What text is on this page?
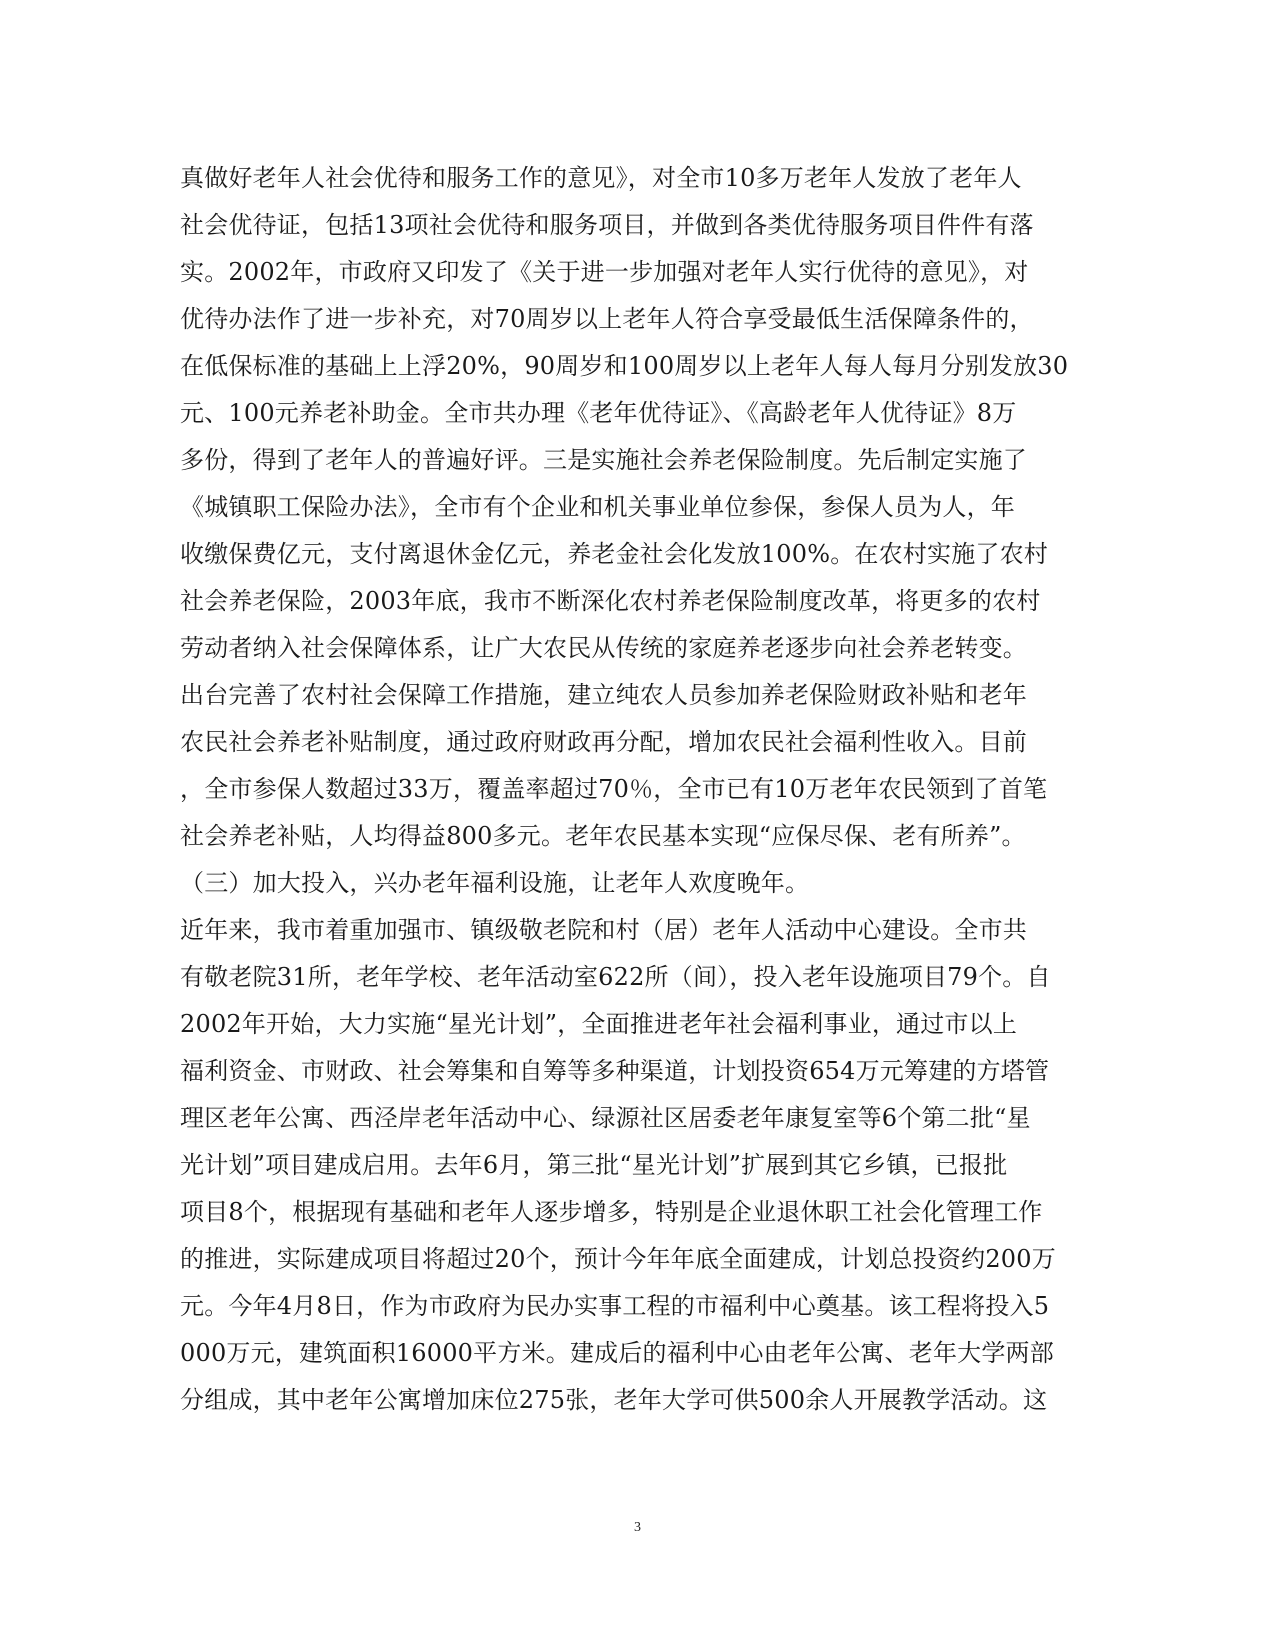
真做好老年人社会优待和服务工作的意见》，对全市10多万老年人发放了老年人
社会优待证，包括13项社会优待和服务项目，并做到各类优待服务项目件件有落
实。2002年，市政府又印发了《关于进一步加强对老年人实行优待的意见》，对
优待办法作了进一步补充，对70周岁以上老年人符合享受最低生活保障条件的，
在低保标准的基础上上浮20%，90周岁和100周岁以上老年人每人每月分别发放30
元、100元养老补助金。全市共办理《老年优待证》、《高龄老年人优待证》8万
多份，得到了老年人的普遍好评。三是实施社会养老保险制度。先后制定实施了
《城镇职工保险办法》，全市有个企业和机关事业单位参保，参保人员为人，年
收缴保费亿元，支付离退休金亿元，养老金社会化发放100%。在农村实施了农村
社会养老保险，2003年底，我市不断深化农村养老保险制度改革，将更多的农村
劳动者纳入社会保障体系，让广大农民从传统的家庭养老逐步向社会养老转变。
出台完善了农村社会保障工作措施，建立纯农人员参加养老保险财政补贴和老年
农民社会养老补贴制度，通过政府财政再分配，增加农民社会福利性收入。目前
，全市参保人数超过33万，覆盖率超过70％，全市已有10万老年农民领到了首笔
社会养老补贴，人均得益800多元。老年农民基本实现“应保尽保、老有所养”。
（三）加大投入，兴办老年福利设施，让老年人欢度晚年。
近年来，我市着重加强市、镇级敬老院和村（居）老年人活动中心建设。全市共
有敬老院31所，老年学校、老年活动室622所（间），投入老年设施项目79个。自
2002年开始，大力实施“星光计划”，全面推进老年社会福利事业，通过市以上
福利资金、市财政、社会筹集和自筹等多种渠道，计划投资654万元筹建的方塔管
理区老年公寓、西泾岸老年活动中心、绿源社区居委老年康复室等6个第二批“星
光计划”项目建成启用。去年6月，第三批“星光计划”扩展到其它乡镇，已报批
项目8个，根据现有基础和老年人逐步增多，特别是企业退休职工社会化管理工作
的推进，实际建成项目将超过20个，预计今年年底全面建成，计划总投资约200万
元。今年4月8日，作为市政府为民办实事工程的市福利中心奠基。该工程将投入5
000万元，建筑面积16000平方米。建成后的福利中心由老年公寓、老年大学两部
分组成，其中老年公寓增加床位275张，老年大学可供500余人开展教学活动。这
3
